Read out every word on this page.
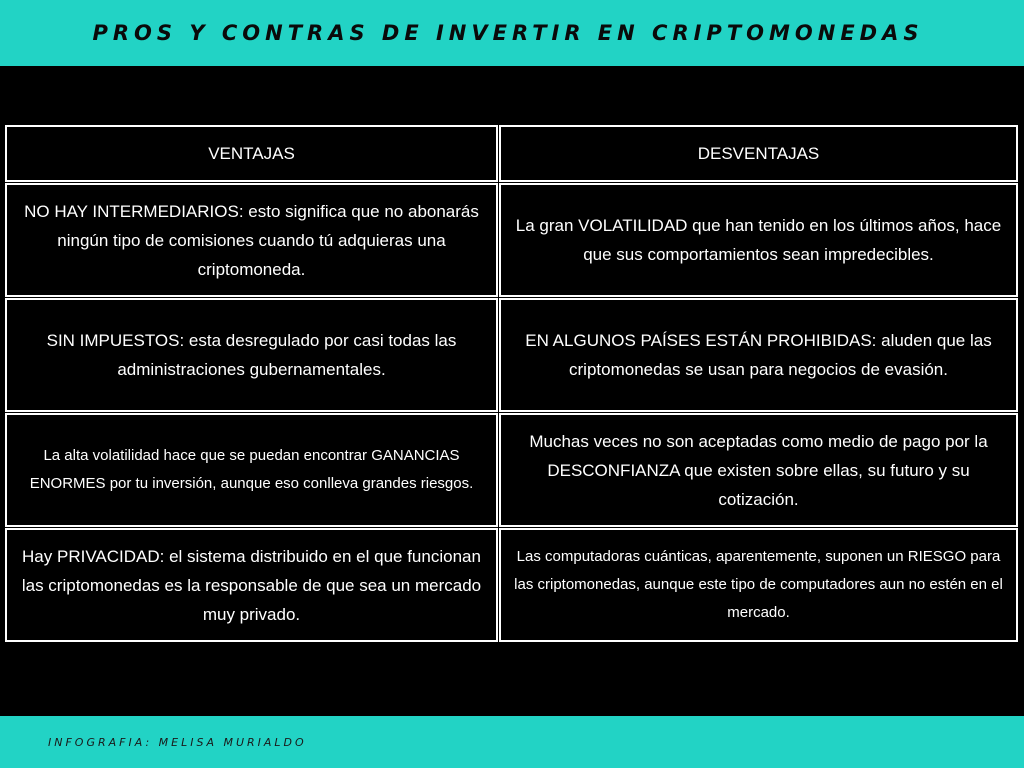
PROS Y CONTRAS DE INVERTIR EN CRIPTOMONEDAS
VENTAJAS	DESVENTAJAS
NO HAY INTERMEDIARIOS: esto significa que no abonarás ningún tipo de comisiones cuando tú adquieras una criptomoneda.
La gran VOLATILIDAD que han tenido en los últimos años, hace que sus comportamientos sean impredecibles.
SIN IMPUESTOS: esta desregulado por casi todas las administraciones gubernamentales.
EN ALGUNOS PAÍSES ESTÁN PROHIBIDAS: aluden que las criptomonedas se usan para negocios de evasión.
La alta volatilidad hace que se puedan encontrar GANANCIAS ENORMES por tu inversión, aunque eso conlleva grandes riesgos.
Muchas veces no son aceptadas como medio de pago por la DESCONFIANZA que existen sobre ellas, su futuro y su cotización.
Hay PRIVACIDAD: el sistema distribuido en el que funcionan las criptomonedas es la responsable de que sea un mercado muy privado.
Las computadoras cuánticas, aparentemente, suponen un RIESGO para las criptomonedas, aunque este tipo de computadores aun no estén en el mercado.
INFOGRAFIA: MELISA MURIALDO
